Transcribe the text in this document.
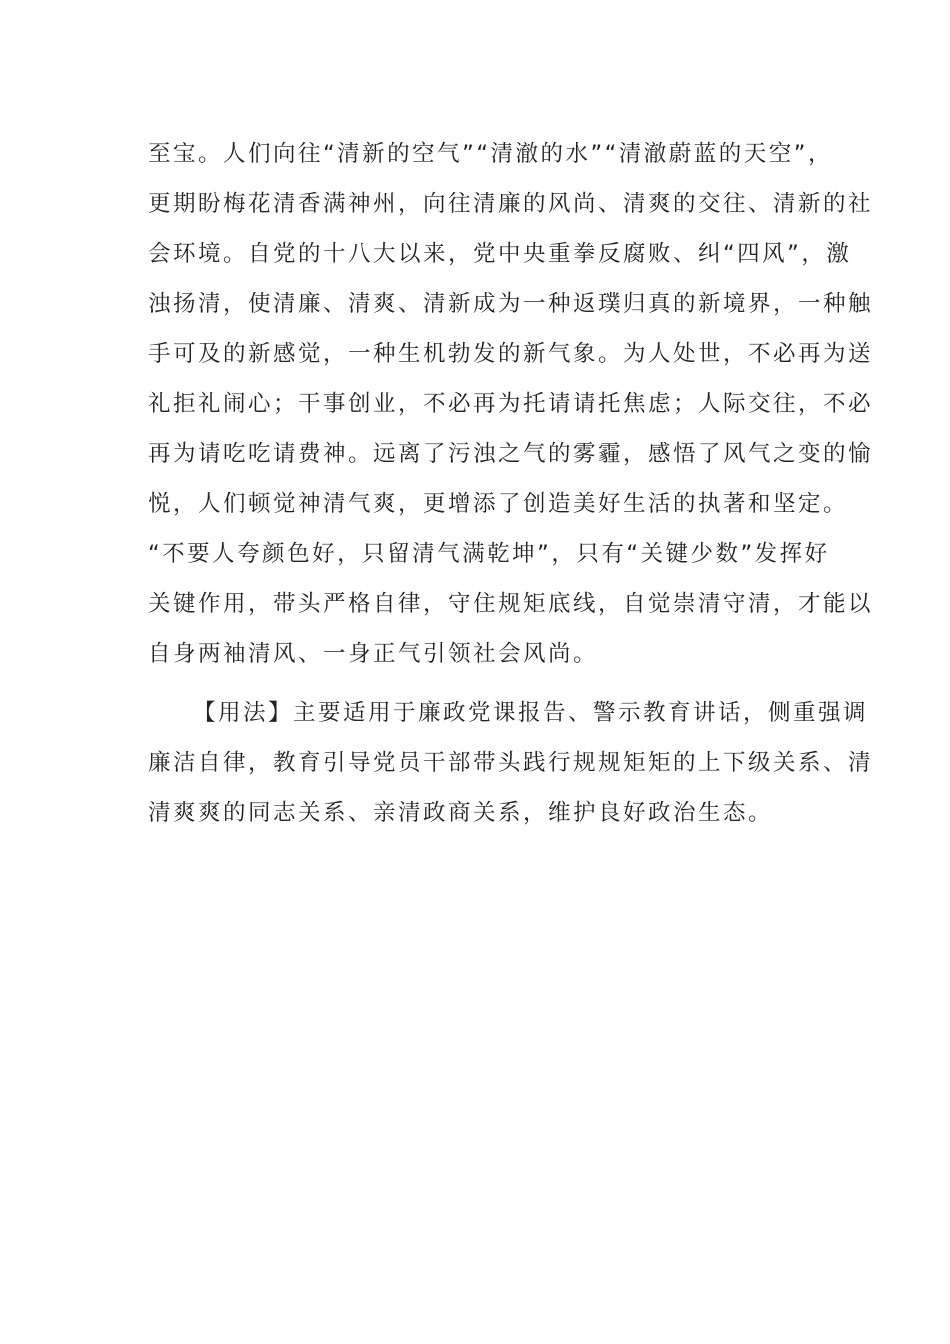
至宝。人们向往“清新的空气”“清澈的水”“清澈蔚蓝的天空”，
更期盼梅花清香满神州，向往清廉的风尚、清爽的交往、清新的社
会环境。自党的十八大以来，党中央重拳反腐败、纠“四风”，激
浊扬清，使清廉、清爽、清新成为一种返璞归真的新境界，一种触
手可及的新感觉，一种生机勃发的新气象。为人处世，不必再为送
礼拒礼闹心；干事创业，不必再为托请请托焦虑；人际交往，不必
再为请吃吃请费神。远离了污浊之气的雾霾，感悟了风气之变的愉
悦，人们顿觉神清气爽，更增添了创造美好生活的执著和坚定。
“不要人夸颜色好，只留清气满乾坤”，只有“关键少数”发挥好
关键作用，带头严格自律，守住规矩底线，自觉崇清守清，才能以
自身两袖清风、一身正气引领社会风尚。
【用法】主要适用于廉政党课报告、警示教育讲话，侧重强调
廉洁自律，教育引导党员干部带头践行规规矩矩的上下级关系、清
清爽爽的同志关系、亲清政商关系，维护良好政治生态。
